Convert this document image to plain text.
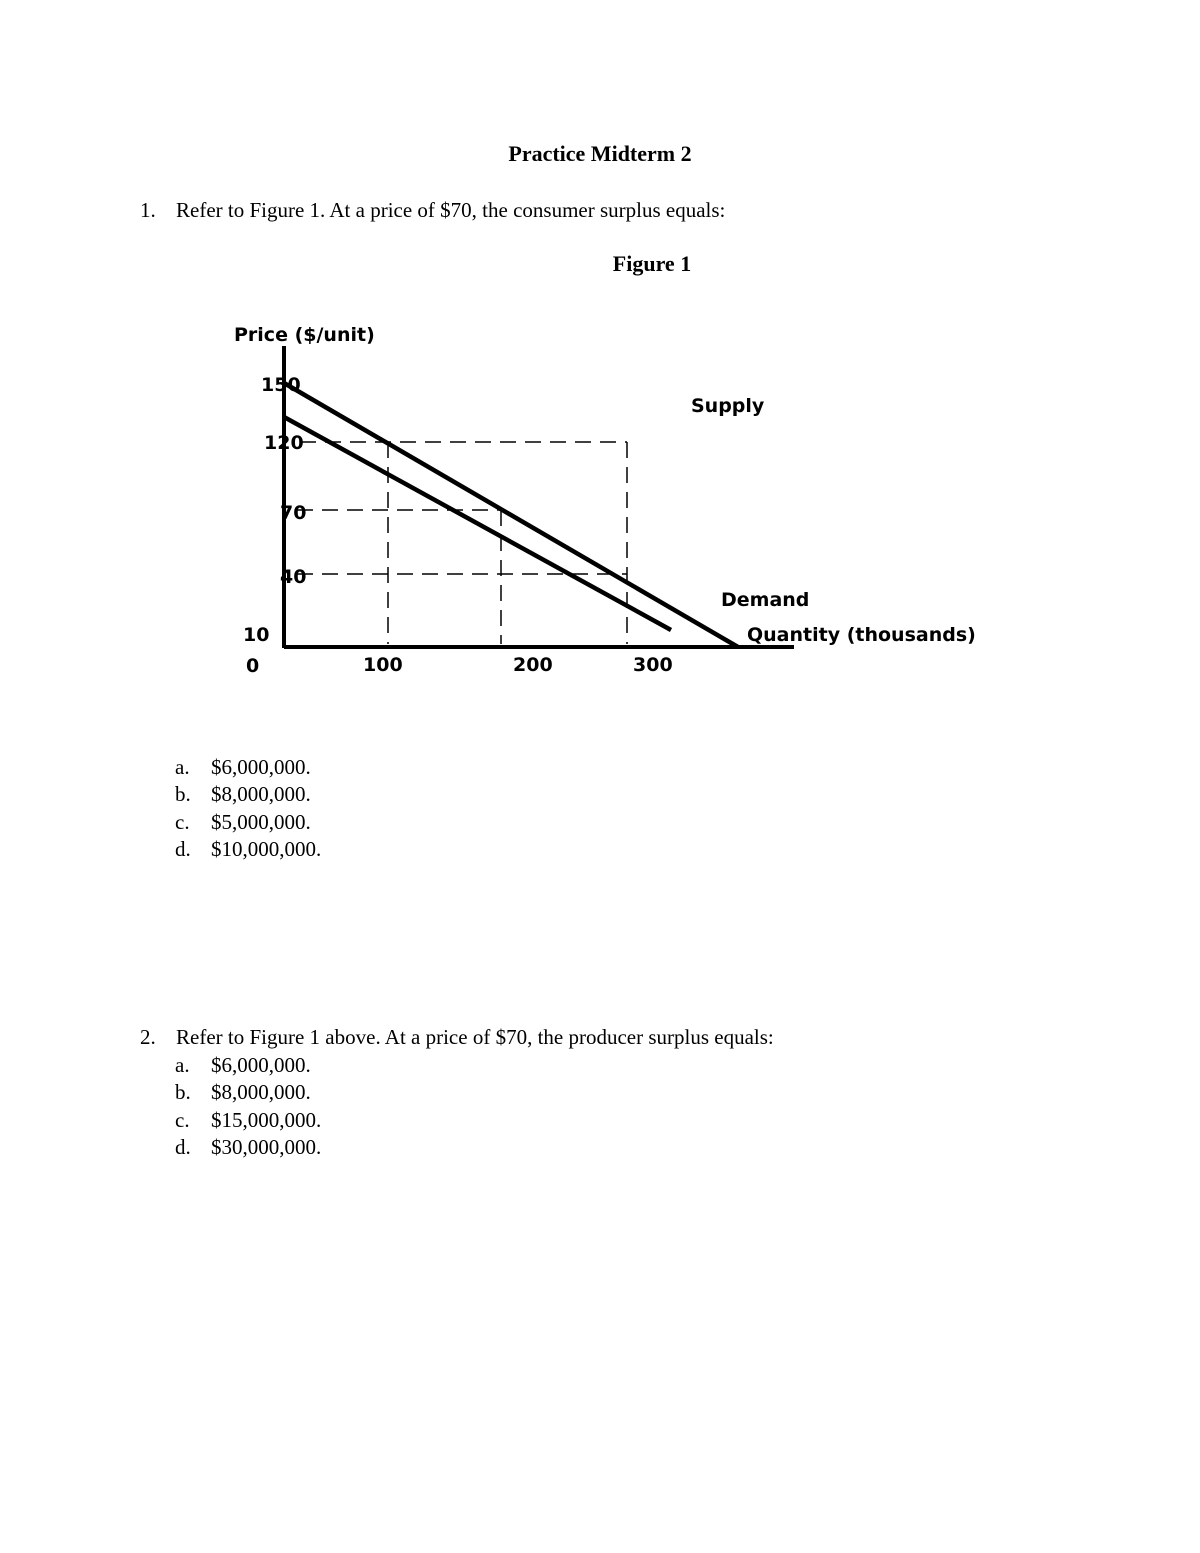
Practice Midterm 2
1. Refer to Figure 1. At a price of $70, the consumer surplus equals:
Figure 1
Price ($/unit)
150
120
70
40
10
0	100	200	300
Supply
Demand
Quantity (thousands)
a. $6,000,000.
b. $8,000,000.
c. $5,000,000.
d. $10,000,000.
2. Refer to Figure 1 above. At a price of $70, the producer surplus equals:
a. $6,000,000.
b. $8,000,000.
c. $15,000,000.
d. $30,000,000.
